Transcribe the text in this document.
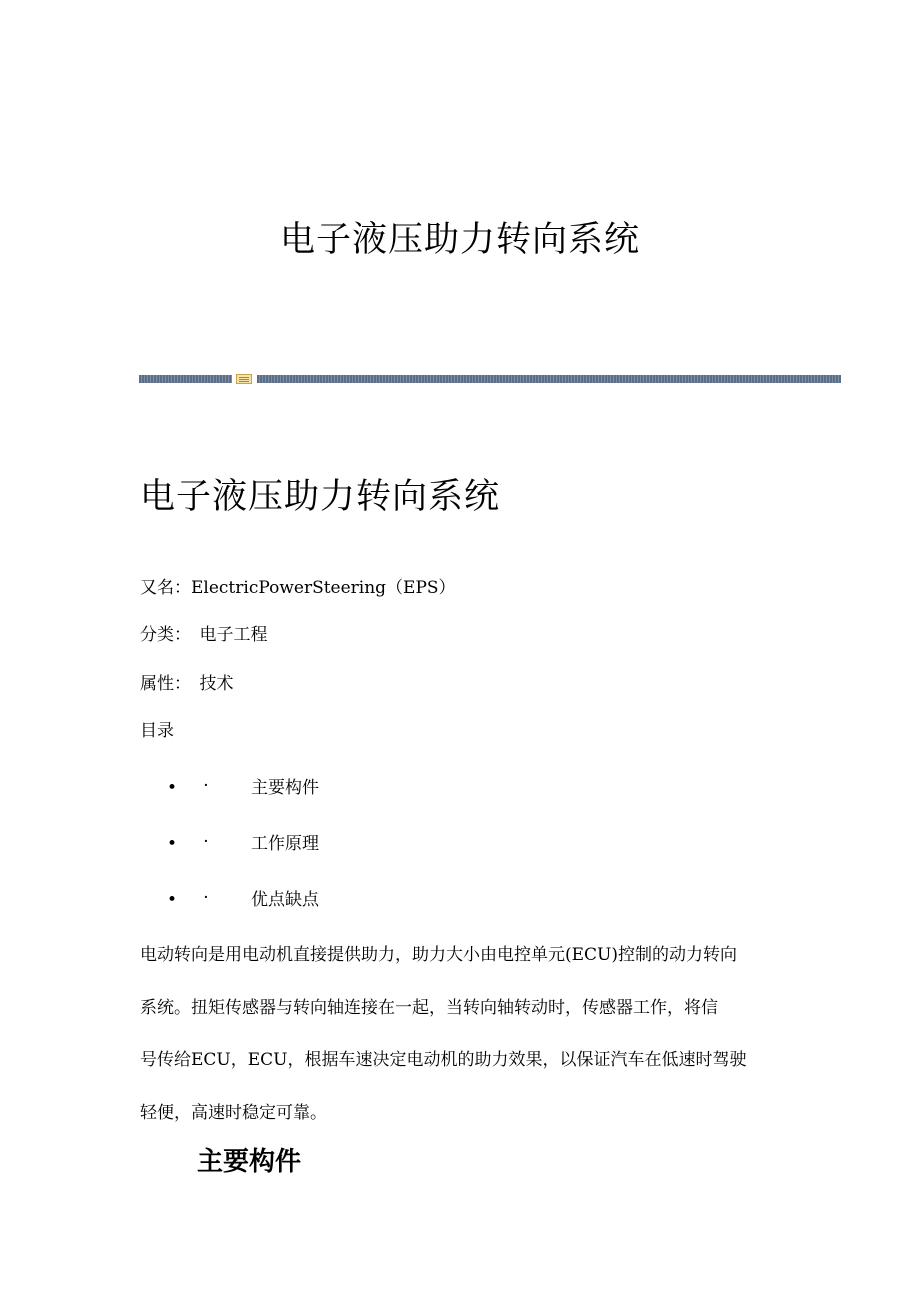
电子液压助力转向系统
电子液压助力转向系统

又名：ElectricPowerSteering（EPS）

分类：　电子工程

属性：　技术

目录

• · 主要构件
• · 工作原理
• · 优点缺点

电动转向是用电动机直接提供助力，助力大小由电控单元(ECU)控制的动力转向
系统。扭矩传感器与转向轴连接在一起，当转向轴转动时，传感器工作，将信
号传给ECU，ECU，根据车速决定电动机的助力效果，以保证汽车在低速时驾驶
轻便，高速时稳定可靠。

主要构件
